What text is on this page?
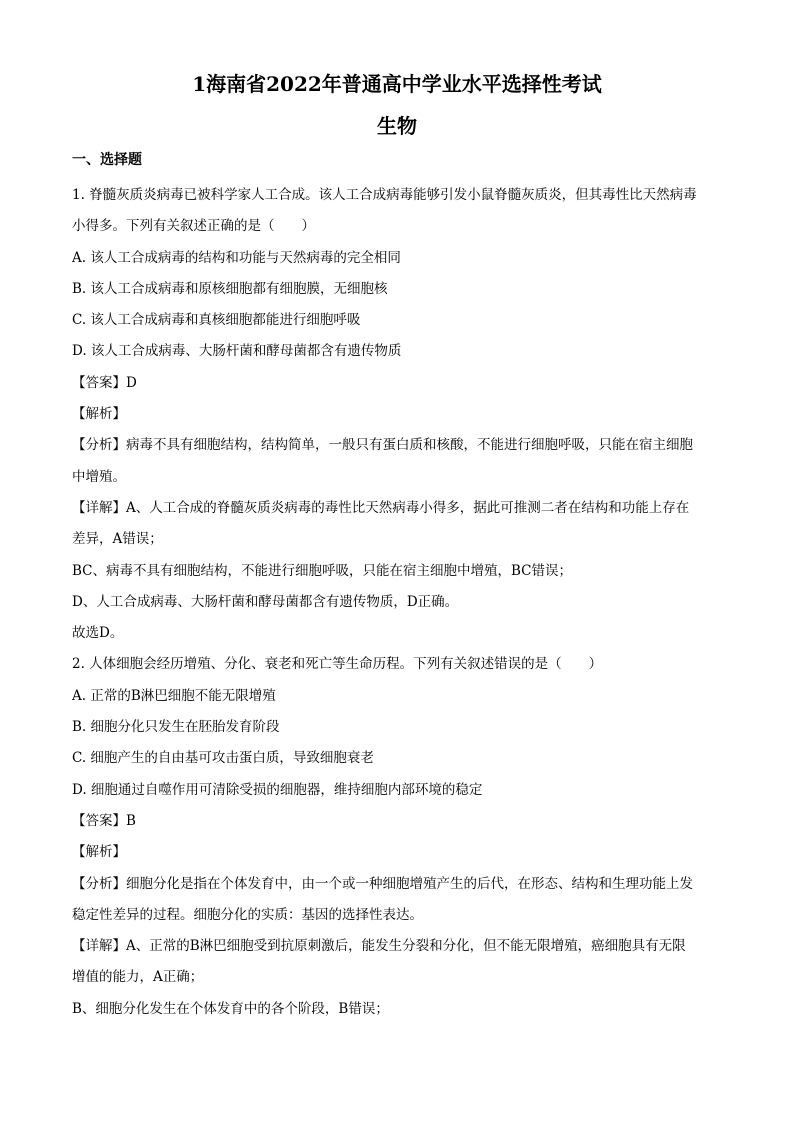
1海南省2022年普通高中学业水平选择性考试
生物
一、选择题
1. 脊髓灰质炎病毒已被科学家人工合成。该人工合成病毒能够引发小鼠脊髓灰质炎，但其毒性比天然病毒
小得多。下列有关叙述正确的是（　　）
A. 该人工合成病毒的结构和功能与天然病毒的完全相同
B. 该人工合成病毒和原核细胞都有细胞膜，无细胞核
C. 该人工合成病毒和真核细胞都能进行细胞呼吸
D. 该人工合成病毒、大肠杆菌和酵母菌都含有遗传物质
【答案】D
【解析】
【分析】病毒不具有细胞结构，结构简单，一般只有蛋白质和核酸，不能进行细胞呼吸，只能在宿主细胞
中增殖。
【详解】A、人工合成的脊髓灰质炎病毒的毒性比天然病毒小得多，据此可推测二者在结构和功能上存在
差异，A错误；
BC、病毒不具有细胞结构，不能进行细胞呼吸，只能在宿主细胞中增殖，BC错误；
D、人工合成病毒、大肠杆菌和酵母菌都含有遗传物质，D正确。
故选D。
2. 人体细胞会经历增殖、分化、衰老和死亡等生命历程。下列有关叙述错误的是（　　）
A. 正常的B淋巴细胞不能无限增殖
B. 细胞分化只发生在胚胎发育阶段
C. 细胞产生的自由基可攻击蛋白质，导致细胞衰老
D. 细胞通过自噬作用可清除受损的细胞器，维持细胞内部环境的稳定
【答案】B
【解析】
【分析】细胞分化是指在个体发育中，由一个或一种细胞增殖产生的后代，在形态、结构和生理功能上发
稳定性差异的过程。细胞分化的实质：基因的选择性表达。
【详解】A、正常的B淋巴细胞受到抗原刺激后，能发生分裂和分化，但不能无限增殖，癌细胞具有无限
增值的能力，A正确；
B、细胞分化发生在个体发育中的各个阶段，B错误；
